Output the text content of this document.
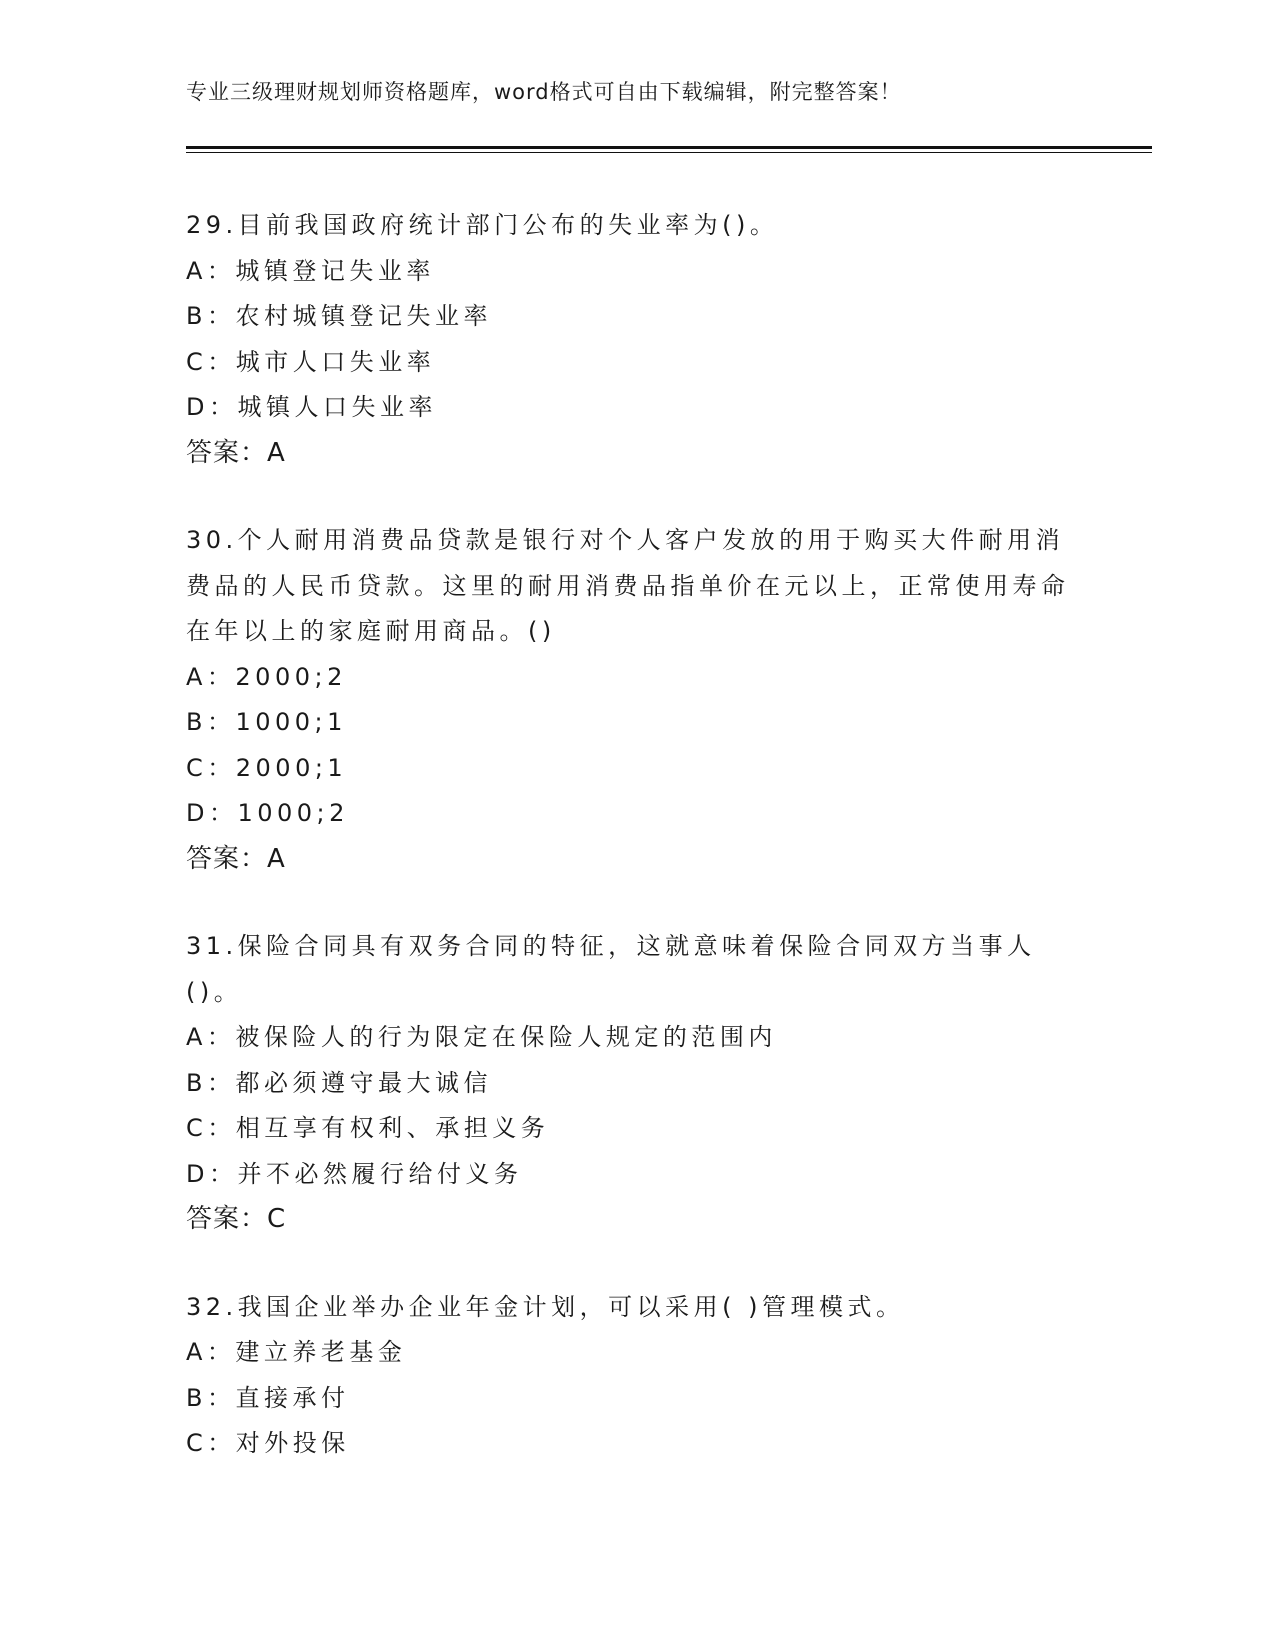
专业三级理财规划师资格题库，word格式可自由下载编辑，附完整答案！

29.目前我国政府统计部门公布的失业率为()。

A：城镇登记失业率

B：农村城镇登记失业率

C：城市人口失业率

D：城镇人口失业率

答案：A

30.个人耐用消费品贷款是银行对个人客户发放的用于购买大件耐用消费品的人民币贷款。这里的耐用消费品指单价在元以上，正常使用寿命在年以上的家庭耐用商品。()

A：2000;2

B：1000;1

C：2000;1

D：1000;2

答案：A

31.保险合同具有双务合同的特征，这就意味着保险合同双方当事人()。

A：被保险人的行为限定在保险人规定的范围内

B：都必须遵守最大诚信

C：相互享有权利、承担义务

D：并不必然履行给付义务

答案：C

32.我国企业举办企业年金计划，可以采用( )管理模式。

A：建立养老基金

B：直接承付

C：对外投保
